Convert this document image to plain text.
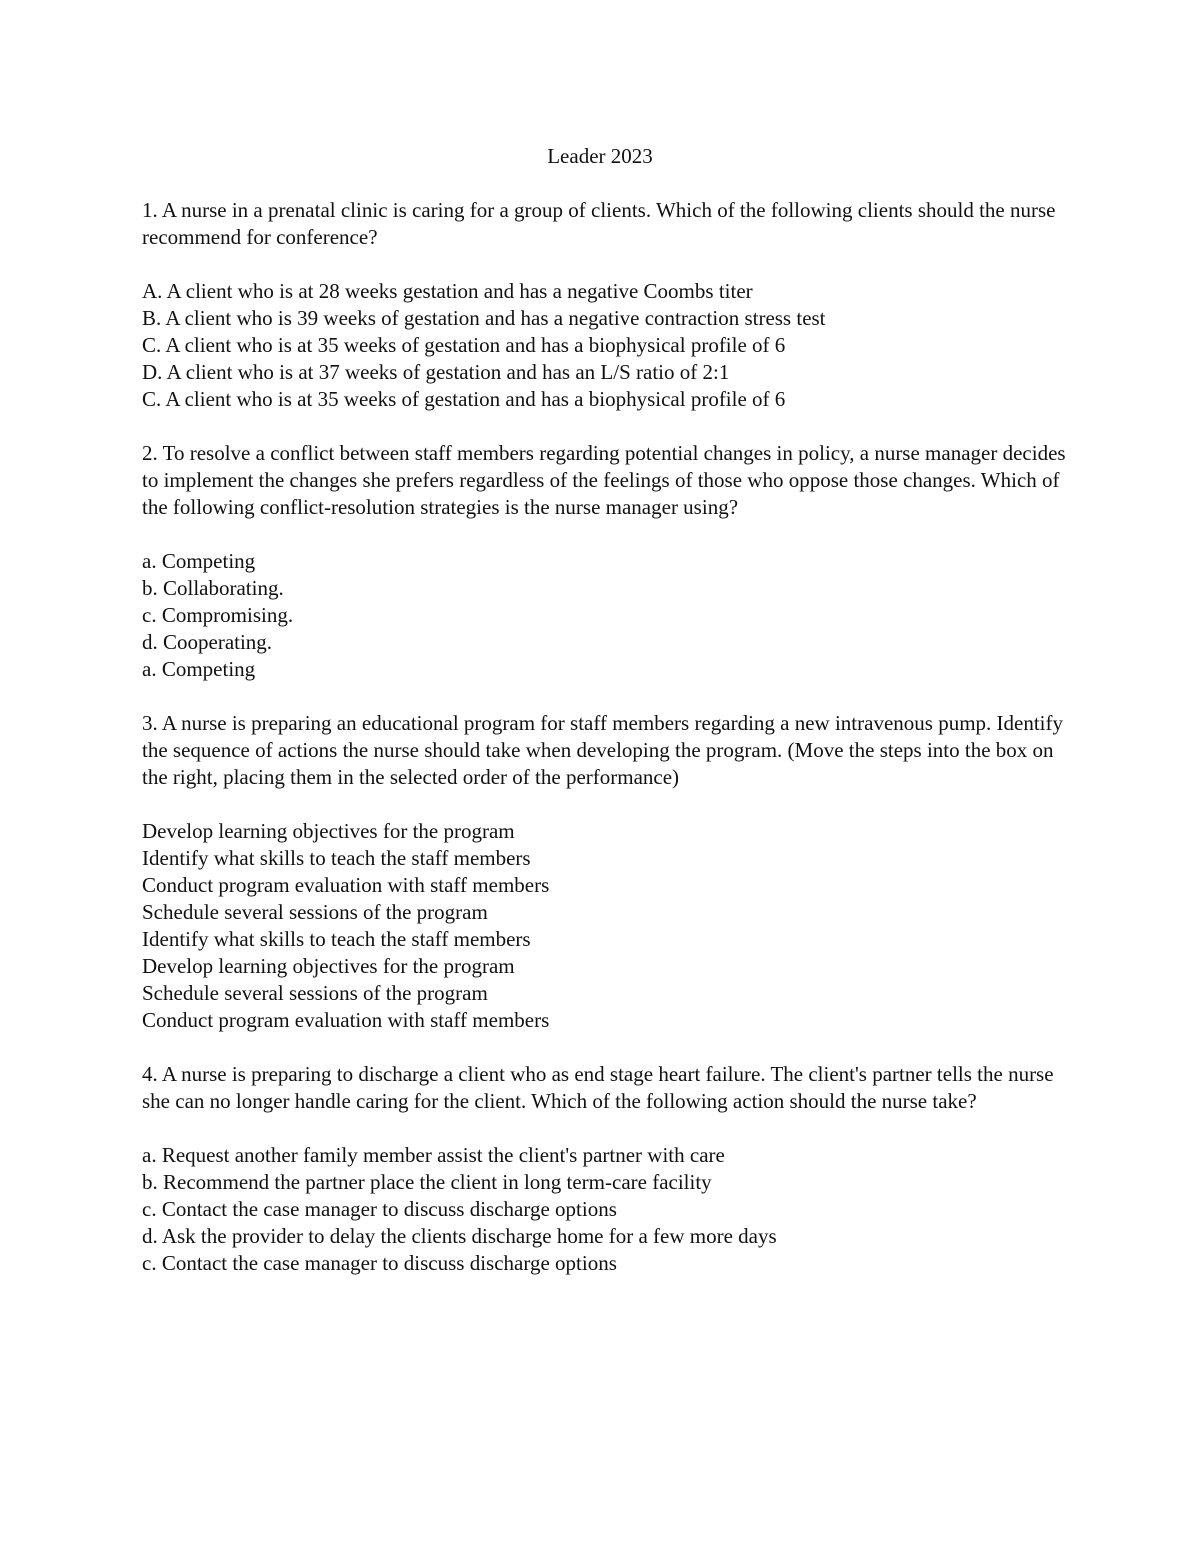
Leader 2023

1. A nurse in a prenatal clinic is caring for a group of clients. Which of the following clients should the nurse recommend for conference?

A. A client who is at 28 weeks gestation and has a negative Coombs titer
B. A client who is 39 weeks of gestation and has a negative contraction stress test
C. A client who is at 35 weeks of gestation and has a biophysical profile of 6
D. A client who is at 37 weeks of gestation and has an L/S ratio of 2:1
C. A client who is at 35 weeks of gestation and has a biophysical profile of 6

2. To resolve a conflict between staff members regarding potential changes in policy, a nurse manager decides to implement the changes she prefers regardless of the feelings of those who oppose those changes. Which of the following conflict-resolution strategies is the nurse manager using?

a. Competing
b. Collaborating.
c. Compromising.
d. Cooperating.
a. Competing

3. A nurse is preparing an educational program for staff members regarding a new intravenous pump. Identify the sequence of actions the nurse should take when developing the program. (Move the steps into the box on the right, placing them in the selected order of the performance)

Develop learning objectives for the program
Identify what skills to teach the staff members
Conduct program evaluation with staff members
Schedule several sessions of the program
Identify what skills to teach the staff members
Develop learning objectives for the program
Schedule several sessions of the program
Conduct program evaluation with staff members

4. A nurse is preparing to discharge a client who as end stage heart failure. The client's partner tells the nurse she can no longer handle caring for the client. Which of the following action should the nurse take?

a. Request another family member assist the client's partner with care
b. Recommend the partner place the client in long term-care facility
c. Contact the case manager to discuss discharge options
d. Ask the provider to delay the clients discharge home for a few more days
c. Contact the case manager to discuss discharge options
